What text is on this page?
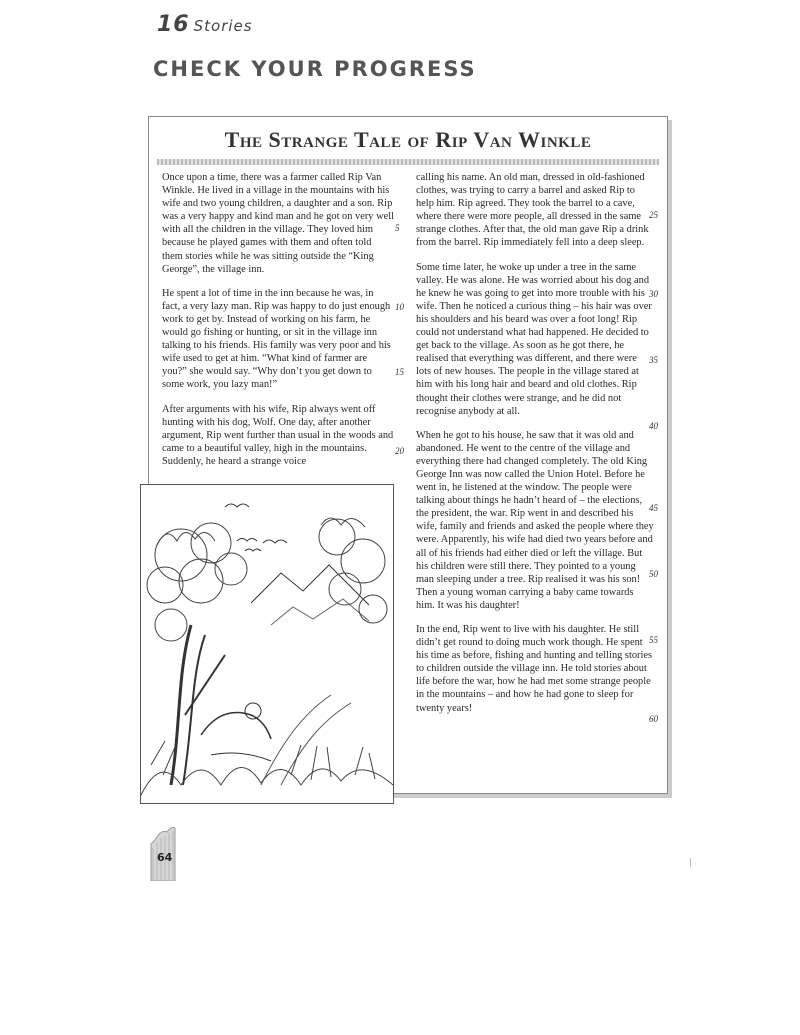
16 Stories
CHECK YOUR PROGRESS
The Strange Tale of Rip Van Winkle

Once upon a time, there was a farmer called Rip Van Winkle. He lived in a village in the mountains with his wife and two young children, a daughter and a son. Rip was a very happy and kind man and he got on very well with all the children in the village. They loved him because he played games with them and often told them stories while he was sitting outside the “King George”, the village inn.

He spent a lot of time in the inn because he was, in fact, a very lazy man. Rip was happy to do just enough work to get by. Instead of working on his farm, he would go fishing or hunting, or sit in the village inn talking to his friends. His family was very poor and his wife used to get at him. “What kind of farmer are you?” she would say. “Why don’t you get down to some work, you lazy man!”

After arguments with his wife, Rip always went off hunting with his dog, Wolf. One day, after another argument, Rip went further than usual in the woods and came to a beautiful valley, high in the mountains. Suddenly, he heard a strange voice

calling his name. An old man, dressed in old-fashioned clothes, was trying to carry a barrel and asked Rip to help him. Rip agreed. They took the barrel to a cave, where there were more people, all dressed in the same strange clothes. After that, the old man gave Rip a drink from the barrel. Rip immediately fell into a deep sleep.

Some time later, he woke up under a tree in the same valley. He was alone. He was worried about his dog and he knew he was going to get into more trouble with his wife. Then he noticed a curious thing – his hair was over his shoulders and his beard was over a foot long! Rip could not understand what had happened. He decided to get back to the village. As soon as he got there, he realised that everything was different, and there were lots of new houses. The people in the village stared at him with his long hair and beard and old clothes. Rip thought their clothes were strange, and he did not recognise anybody at all.

When he got to his house, he saw that it was old and abandoned. He went to the centre of the village and everything there had changed completely. The old King George Inn was now called the Union Hotel. Before he went in, he listened at the window. The people were talking about things he hadn’t heard of – the elections, the president, the war. Rip went in and described his wife, family and friends and asked the people where they were. Apparently, his wife had died two years before and all of his friends had either died or left the village. But his children were still there. They pointed to a young man sleeping under a tree. Rip realised it was his son! Then a young woman carrying a baby came towards him. It was his daughter!

In the end, Rip went to live with his daughter. He still didn’t get round to doing much work though. He spent his time as before, fishing and hunting and telling stories to children outside the village inn. He told stories about life before the war, how he had met some strange people in the mountains – and how he had gone to sleep for twenty years!

5
10
15
20
25
30
35
40
45
50
55
60
64
